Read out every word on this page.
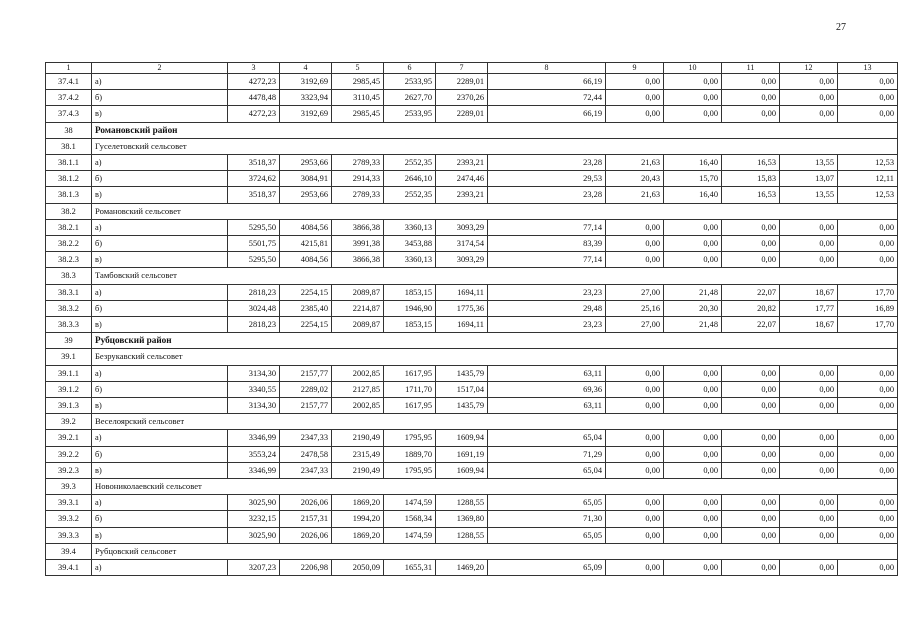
27
1	2	3	4	5	6	7	8	9	10	11	12	13
37.4.1	а)	4272,23	3192,69	2985,45	2533,95	2289,01	66,19	0,00	0,00	0,00	0,00	0,00
37.4.2	б)	4478,48	3323,94	3110,45	2627,70	2370,26	72,44	0,00	0,00	0,00	0,00	0,00
37.4.3	в)	4272,23	3192,69	2985,45	2533,95	2289,01	66,19	0,00	0,00	0,00	0,00	0,00
38	Романовский район											
38.1	Гуселетовский сельсовет											
38.1.1	а)	3518,37	2953,66	2789,33	2552,35	2393,21	23,28	21,63	16,40	16,53	13,55	12,53
38.1.2	б)	3724,62	3084,91	2914,33	2646,10	2474,46	29,53	20,43	15,70	15,83	13,07	12,11
38.1.3	в)	3518,37	2953,66	2789,33	2552,35	2393,21	23,28	21,63	16,40	16,53	13,55	12,53
38.2	Романовский сельсовет											
38.2.1	а)	5295,50	4084,56	3866,38	3360,13	3093,29	77,14	0,00	0,00	0,00	0,00	0,00
38.2.2	б)	5501,75	4215,81	3991,38	3453,88	3174,54	83,39	0,00	0,00	0,00	0,00	0,00
38.2.3	в)	5295,50	4084,56	3866,38	3360,13	3093,29	77,14	0,00	0,00	0,00	0,00	0,00
38.3	Тамбовский сельсовет											
38.3.1	а)	2818,23	2254,15	2089,87	1853,15	1694,11	23,23	27,00	21,48	22,07	18,67	17,70
38.3.2	б)	3024,48	2385,40	2214,87	1946,90	1775,36	29,48	25,16	20,30	20,82	17,77	16,89
38.3.3	в)	2818,23	2254,15	2089,87	1853,15	1694,11	23,23	27,00	21,48	22,07	18,67	17,70
39	Рубцовский район											
39.1	Безрукавский сельсовет											
39.1.1	а)	3134,30	2157,77	2002,85	1617,95	1435,79	63,11	0,00	0,00	0,00	0,00	0,00
39.1.2	б)	3340,55	2289,02	2127,85	1711,70	1517,04	69,36	0,00	0,00	0,00	0,00	0,00
39.1.3	в)	3134,30	2157,77	2002,85	1617,95	1435,79	63,11	0,00	0,00	0,00	0,00	0,00
39.2	Веселоярский сельсовет											
39.2.1	а)	3346,99	2347,33	2190,49	1795,95	1609,94	65,04	0,00	0,00	0,00	0,00	0,00
39.2.2	б)	3553,24	2478,58	2315,49	1889,70	1691,19	71,29	0,00	0,00	0,00	0,00	0,00
39.2.3	в)	3346,99	2347,33	2190,49	1795,95	1609,94	65,04	0,00	0,00	0,00	0,00	0,00
39.3	Новониколаевский сельсовет											
39.3.1	а)	3025,90	2026,06	1869,20	1474,59	1288,55	65,05	0,00	0,00	0,00	0,00	0,00
39.3.2	б)	3232,15	2157,31	1994,20	1568,34	1369,80	71,30	0,00	0,00	0,00	0,00	0,00
39.3.3	в)	3025,90	2026,06	1869,20	1474,59	1288,55	65,05	0,00	0,00	0,00	0,00	0,00
39.4	Рубцовский сельсовет											
39.4.1	а)	3207,23	2206,98	2050,09	1655,31	1469,20	65,09	0,00	0,00	0,00	0,00	0,00
